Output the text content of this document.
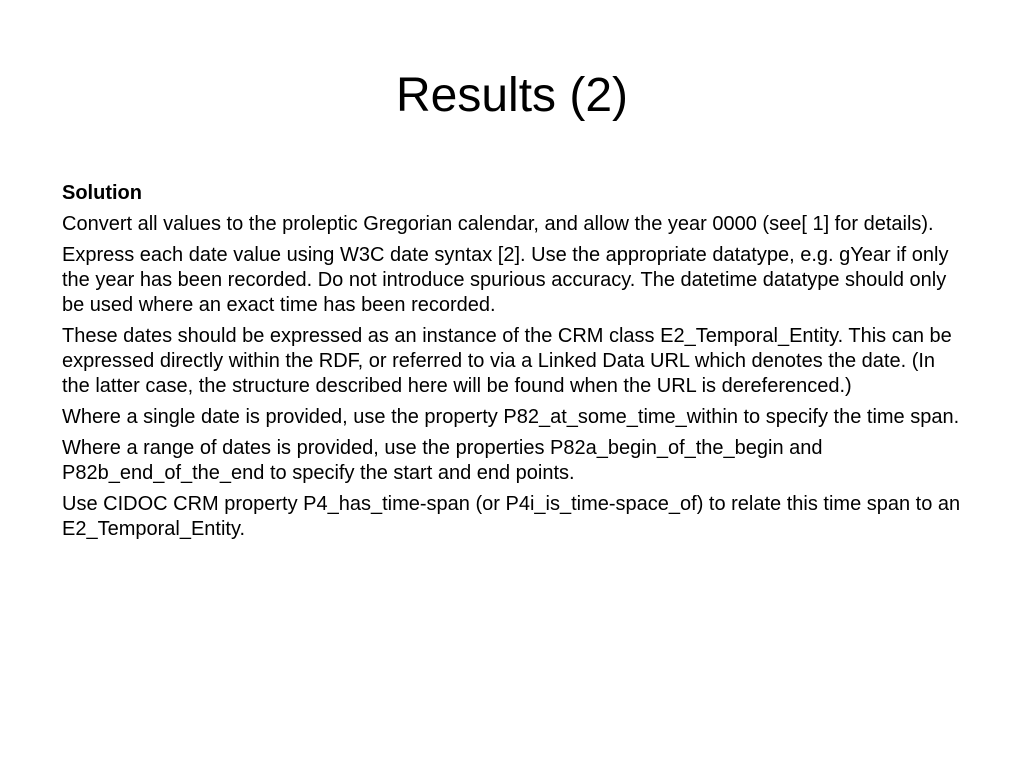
Results (2)

Solution

Convert all values to the proleptic Gregorian calendar, and allow the year 0000 (see[ 1] for details).

Express each date value using W3C date syntax [2]. Use the appropriate datatype, e.g. gYear if only the year has been recorded. Do not introduce spurious accuracy. The datetime datatype should only be used where an exact time has been recorded.

These dates should be expressed as an instance of the CRM class E2_Temporal_Entity. This can be expressed directly within the RDF, or referred to via a Linked Data URL which denotes the date. (In the latter case, the structure described here will be found when the URL is dereferenced.)

Where a single date is provided, use the property P82_at_some_time_within to specify the time span.

Where a range of dates is provided, use the properties P82a_begin_of_the_begin and P82b_end_of_the_end to specify the start and end points.

Use CIDOC CRM property P4_has_time-span (or P4i_is_time-space_of) to relate this time span to an E2_Temporal_Entity.
